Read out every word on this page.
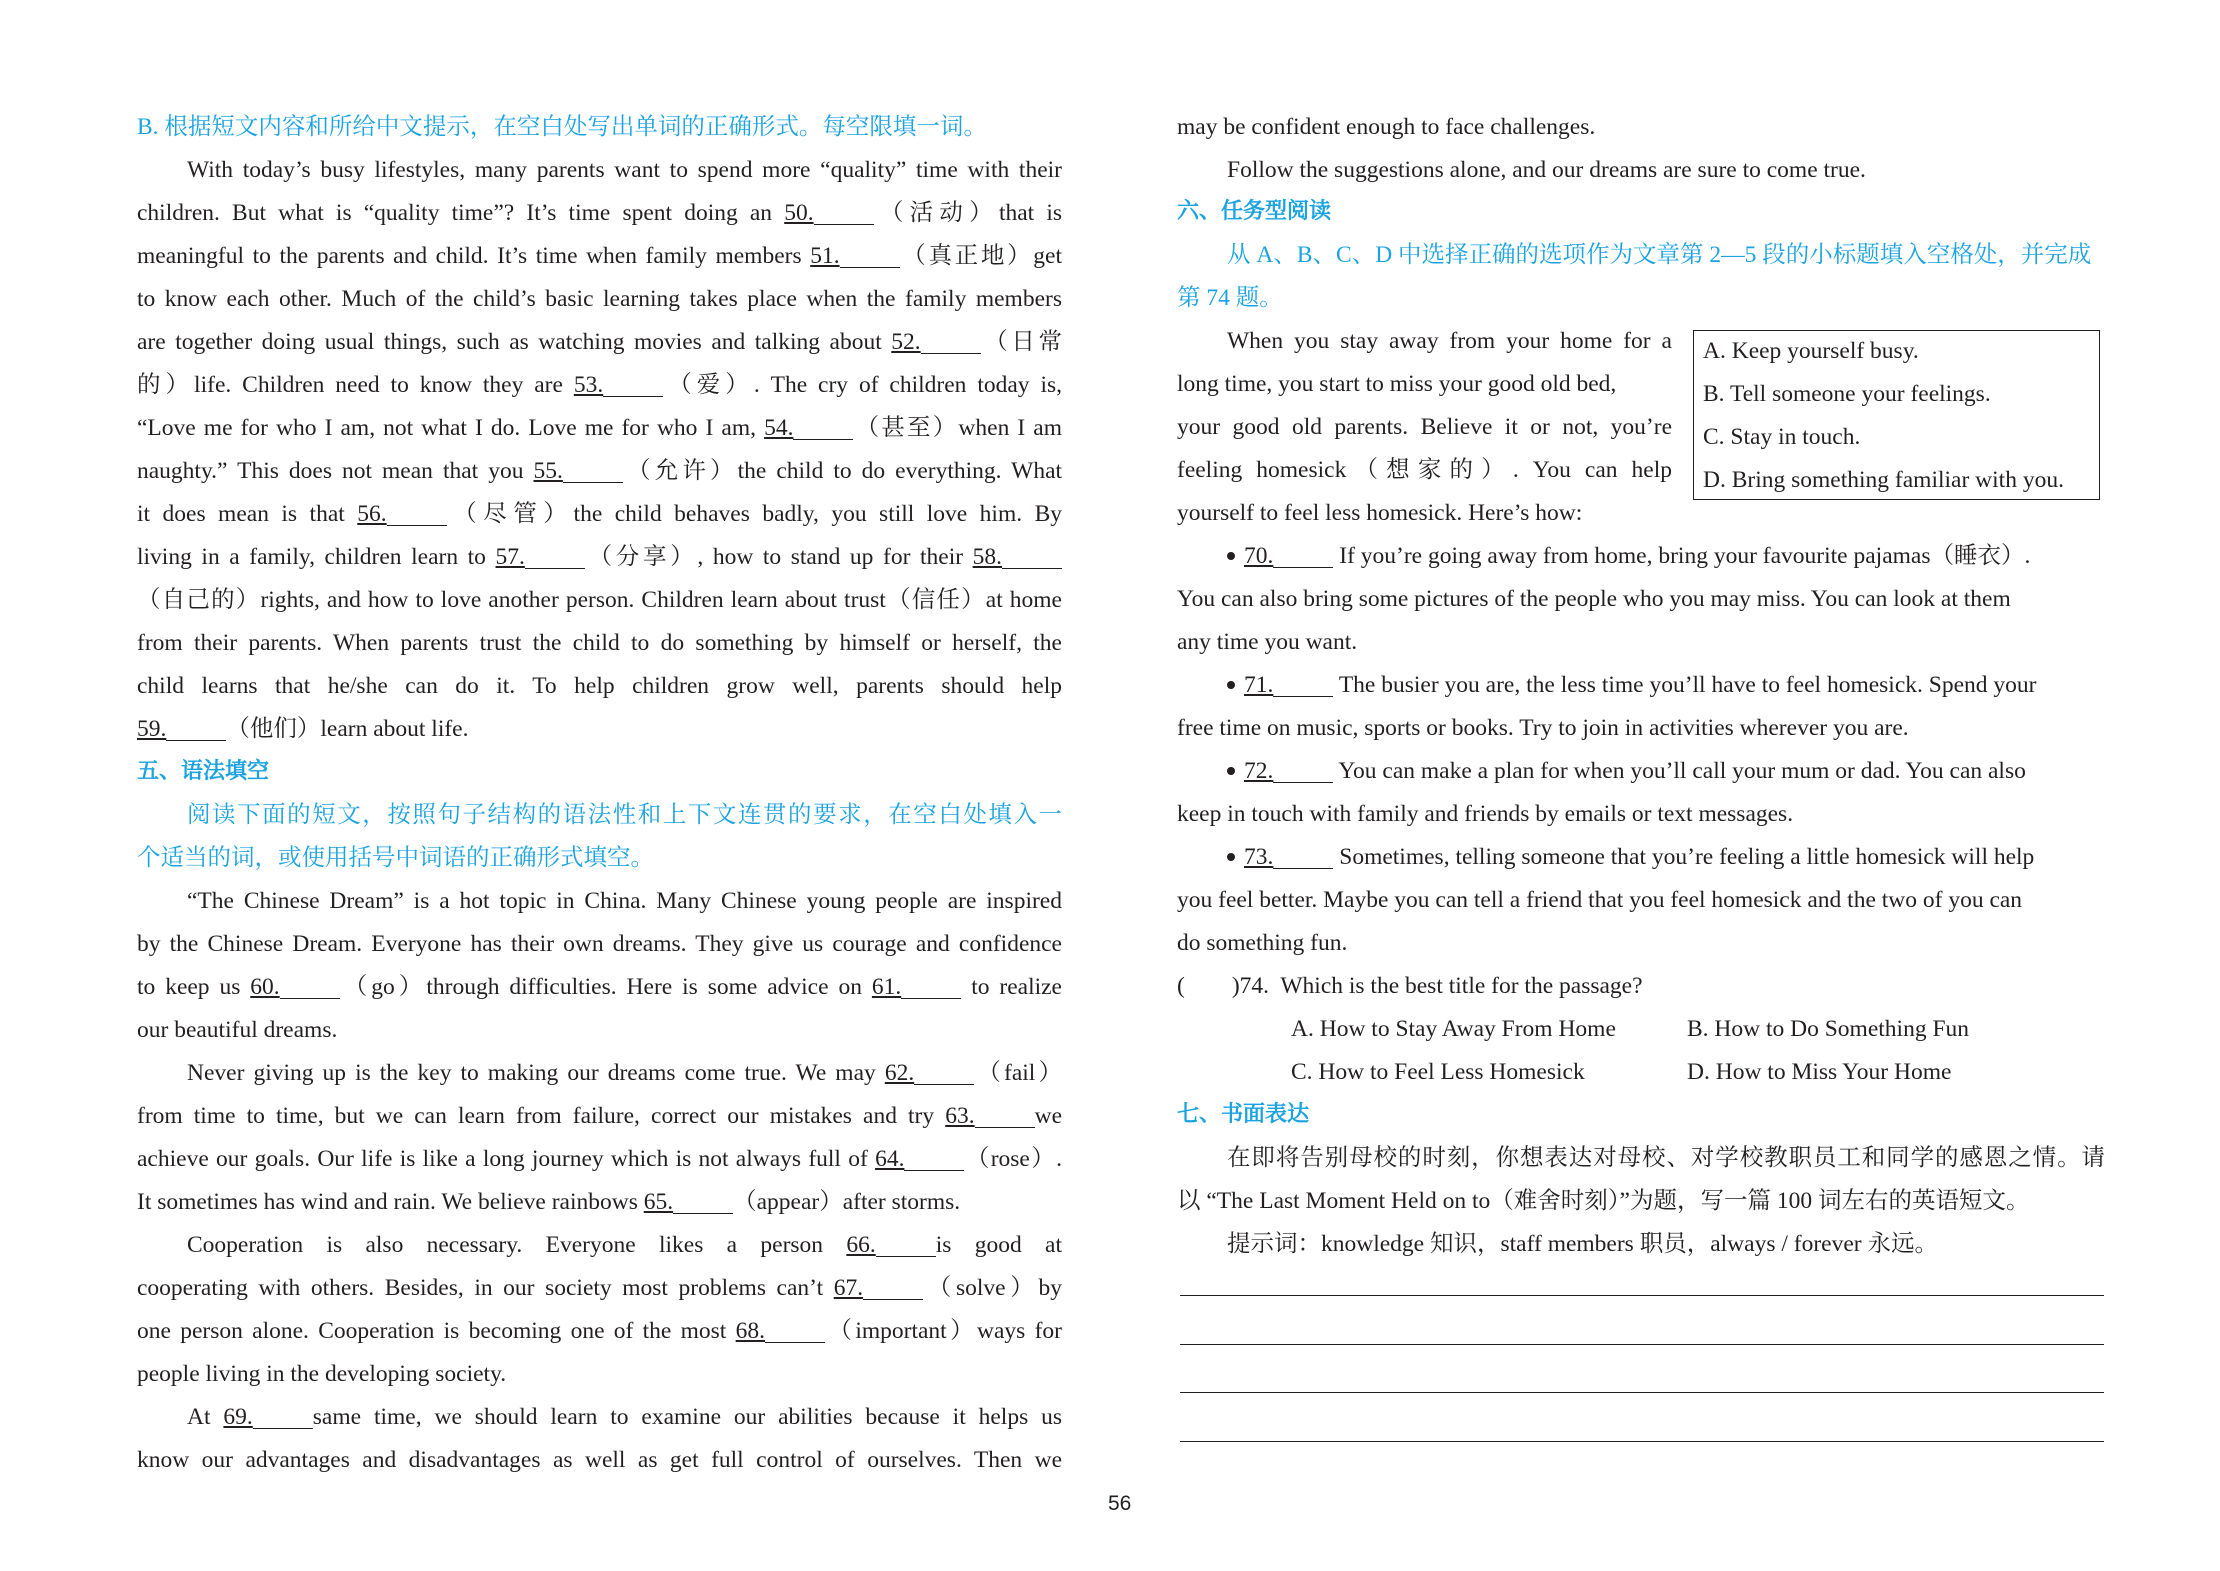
B. 根据短文内容和所给中文提示，在空白处写出单词的正确形式。每空限填一词。
With today’s busy lifestyles, many parents want to spend more “quality” time with their
children. But what is “quality time”? It’s time spent doing an 50.	（活动）that is
meaningful to the parents and child. It’s time when family members 51.	（真正地）get
to know each other. Much of the child’s basic learning takes place when the family members
are together doing usual things, such as watching movies and talking about 52.	（日常
的）life. Children need to know they are 53.	（爱）. The cry of children today is,
“Love me for who I am, not what I do. Love me for who I am, 54.	（甚至）when I am
naughty.” This does not mean that you 55.	（允许）the child to do everything. What
it does mean is that 56.	（尽管）the child behaves badly, you still love him. By
living in a family, children learn to 57.	（分享）, how to stand up for their 58.
（自己的）rights, and how to love another person. Children learn about trust（信任）at home
from their parents. When parents trust the child to do something by himself or herself, the
child learns that he/she can do it. To help children grow well, parents should help
59.	（他们）learn about life.
五、语法填空
阅读下面的短文，按照句子结构的语法性和上下文连贯的要求，在空白处填入一
个适当的词，或使用括号中词语的正确形式填空。
“The Chinese Dream” is a hot topic in China. Many Chinese young people are inspired
by the Chinese Dream. Everyone has their own dreams. They give us courage and confidence
to keep us 60.	（go）through difficulties. Here is some advice on 61.	to realize
our beautiful dreams.
Never giving up is the key to making our dreams come true. We may 62.	（fail）
from time to time, but we can learn from failure, correct our mistakes and try 63.	we
achieve our goals. Our life is like a long journey which is not always full of 64.	（rose）.
It sometimes has wind and rain. We believe rainbows 65.	（appear）after storms.
Cooperation is also necessary. Everyone likes a person 66.	is good at
cooperating with others. Besides, in our society most problems can’t 67.	（solve）by
one person alone. Cooperation is becoming one of the most 68.	（important）ways for
people living in the developing society.
At 69.	same time, we should learn to examine our abilities because it helps us
know our advantages and disadvantages as well as get full control of ourselves. Then we
may be confident enough to face challenges.
Follow the suggestions alone, and our dreams are sure to come true.
六、任务型阅读
从 A、B、C、D 中选择正确的选项作为文章第 2—5 段的小标题填入空格处，并完成
第 74 题。
When you stay away from your home for a
long time, you start to miss your good old bed,
your good old parents. Believe it or not, you’re
feeling homesick（想家的）. You can help
yourself to feel less homesick. Here’s how:
A. Keep yourself busy.
B. Tell someone your feelings.
C. Stay in touch.
D. Bring something familiar with you.
70.	If you’re going away from home, bring your favourite pajamas（睡衣）.
You can also bring some pictures of the people who you may miss. You can look at them
any time you want.
71.	The busier you are, the less time you’ll have to feel homesick. Spend your
free time on music, sports or books. Try to join in activities wherever you are.
72.	You can make a plan for when you’ll call your mum or dad. You can also
keep in touch with family and friends by emails or text messages.
73.	Sometimes, telling someone that you’re feeling a little homesick will help
you feel better. Maybe you can tell a friend that you feel homesick and the two of you can
do something fun.
(        )74.  Which is the best title for the passage?
A. How to Stay Away From Home	B. How to Do Something Fun
C. How to Feel Less Homesick	D. How to Miss Your Home
七、书面表达
在即将告别母校的时刻，你想表达对母校、对学校教职员工和同学的感恩之情。请
以 “The Last Moment Held on to（难舍时刻）”为题，写一篇 100 词左右的英语短文。
提示词：knowledge 知识，staff members 职员，always / forever 永远。
56
